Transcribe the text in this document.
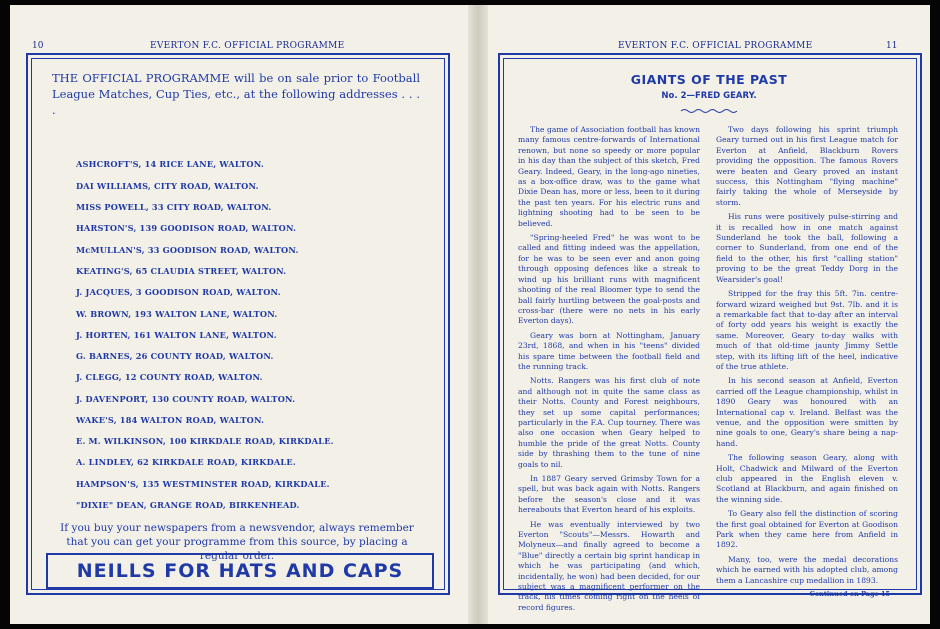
10	EVERTON F.C. OFFICIAL PROGRAMME
THE OFFICIAL PROGRAMME will be on sale prior to Football League Matches, Cup Ties, etc., at the following addresses . . . .
ASHCROFT'S, 14 RICE LANE, WALTON.
DAI WILLIAMS, CITY ROAD, WALTON.
MISS POWELL, 33 CITY ROAD, WALTON.
HARSTON'S, 139 GOODISON ROAD, WALTON.
McMULLAN'S, 33 GOODISON ROAD, WALTON.
KEATING'S, 65 CLAUDIA STREET, WALTON.
J. JACQUES, 3 GOODISON ROAD, WALTON.
W. BROWN, 193 WALTON LANE, WALTON.
J. HORTEN, 161 WALTON LANE, WALTON.
G. BARNES, 26 COUNTY ROAD, WALTON.
J. CLEGG, 12 COUNTY ROAD, WALTON.
J. DAVENPORT, 130 COUNTY ROAD, WALTON.
WAKE'S, 184 WALTON ROAD, WALTON.
E. M. WILKINSON, 100 KIRKDALE ROAD, KIRKDALE.
A. LINDLEY, 62 KIRKDALE ROAD, KIRKDALE.
HAMPSON'S, 135 WESTMINSTER ROAD, KIRKDALE.
"DIXIE" DEAN, GRANGE ROAD, BIRKENHEAD.
If you buy your newspapers from a newsvendor, always remember that you can get your programme from this source, by placing a regular order.
NEILLS FOR HATS AND CAPS
EVERTON F.C. OFFICIAL PROGRAMME	11
GIANTS OF THE PAST
No. 2—FRED GEARY.

The game of Association football has known many famous centre-forwards of International renown, but none so speedy or more popular in his day than the subject of this sketch, Fred Geary. Indeed, Geary, in the long-ago nineties, as a box-office draw, was to the game what Dixie Dean has, more or less, been to it during the past ten years. For his electric runs and lightning shooting had to be seen to be believed.

"Spring-heeled Fred" he was wont to be called and fitting indeed was the appellation, for he was to be seen ever and anon going through opposing defences like a streak to wind up his brilliant runs with magnificent shooting of the real Bloomer type to send the ball fairly hurtling between the goal-posts and cross-bar (there were no nets in his early Everton days).

Geary was born at Nottingham, January 23rd, 1868, and when in his "teens" divided his spare time between the football field and the running track.

Notts. Rangers was his first club of note and although not in quite the same class as their Notts. County and Forest neighbours, they set up some capital performances; particularly in the F.A. Cup tourney. There was also one occasion when Geary helped to humble the pride of the great Notts. County side by thrashing them to the tune of nine goals to nil.

In 1887 Geary served Grimsby Town for a spell, but was back again with Notts. Rangers before the season's close and it was hereabouts that Everton heard of his exploits.

He was eventually interviewed by two Everton "Scouts"—Messrs. Howarth and Molyneux—and finally agreed to become a "Blue" directly a certain big sprint handicap in which he was participating (and which, incidentally, he won) had been decided, for our subject was a magnificent performer on the track, his times coming right on the heels of record figures.

Two days following his sprint triumph Geary turned out in his first League match for Everton at Anfield, Blackburn Rovers providing the opposition. The famous Rovers were beaten and Geary proved an instant success, this Nottingham "flying machine" fairly taking the whole of Merseyside by storm.

His runs were positively pulse-stirring and it is recalled how in one match against Sunderland he took the ball, following a corner to Sunderland, from one end of the field to the other, his first "calling station" proving to be the great Teddy Dorg in the Wearsider's goal!

Stripped for the fray this 5ft. 7in. centre-forward wizard weighed but 9st. 7lb. and it is a remarkable fact that to-day after an interval of forty odd years his weight is exactly the same. Moreover, Geary to-day walks with much of that old-time jaunty Jimmy Settle step, with its lifting lift of the heel, indicative of the true athlete.

In his second season at Anfield, Everton carried off the League championship, whilst in 1890 Geary was honoured with an International cap v. Ireland. Belfast was the venue, and the opposition were smitten by nine goals to one, Geary's share being a nap-hand.

The following season Geary, along with Holt, Chadwick and Milward of the Everton club appeared in the English eleven v. Scotland at Blackburn, and again finished on the winning side.

To Geary also fell the distinction of scoring the first goal obtained for Everton at Goodison Park when they came here from Anfield in 1892.

Many, too, were the medal decorations which he earned with his adopted club, among them a Lancashire cup medallion in 1893.

Continued on Page 15
